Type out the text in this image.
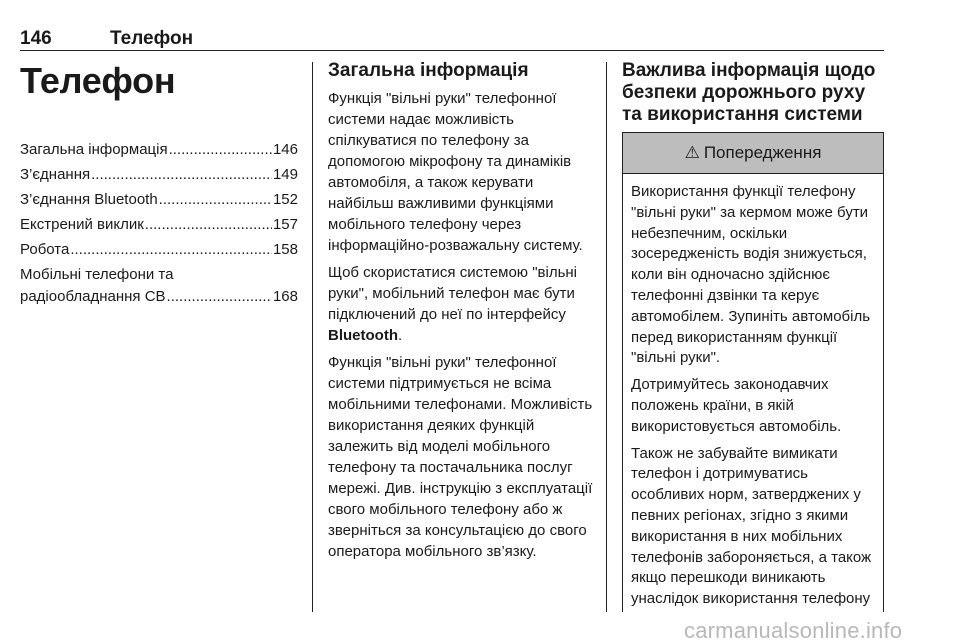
146	Телефон
Телефон
Загальна інформація .....	146
З’єднання .....	149
З’єднання Bluetooth .....	152
Екстрений виклик .....	157
Робота .....	158
Мобільні телефони та
радіообладнання CB .....	168
Загальна інформація

Функція "вільні руки" телефонної системи надає можливість спілкуватися по телефону за допомогою мікрофону та динаміків автомобіля, а також керувати найбільш важливими функціями мобільного телефону через інформаційно-розважальну систему.

Щоб скористатися системою "вільні руки", мобільний телефон має бути підключений до неї по інтерфейсу Bluetooth.

Функція "вільні руки" телефонної системи підтримується не всіма мобільними телефонами. Можливість використання деяких функцій залежить від моделі мобільного телефону та постачальника послуг мережі. Див. інструкцію з експлуатації свого мобільного телефону або ж зверніться за консультацією до свого оператора мобільного зв’язку.

Важлива інформація щодо безпеки дорожнього руху та використання системи
⚠ Попередження

Використання функції телефону "вільні руки" за кермом може бути небезпечним, оскільки зосередженість водія знижується, коли він одночасно здійснює телефонні дзвінки та керує автомобілем. Зупиніть автомобіль перед використанням функції "вільні руки".

Дотримуйтесь законодавчих положень країни, в якій використовується автомобіль.

Також не забувайте вимикати телефон і дотримуватись особливих норм, затверджених у певних регіонах, згідно з якими використання в них мобільних телефонів забороняється, а також якщо перешкоди виникають унаслідок використання телефону

carmanualsonline.info
